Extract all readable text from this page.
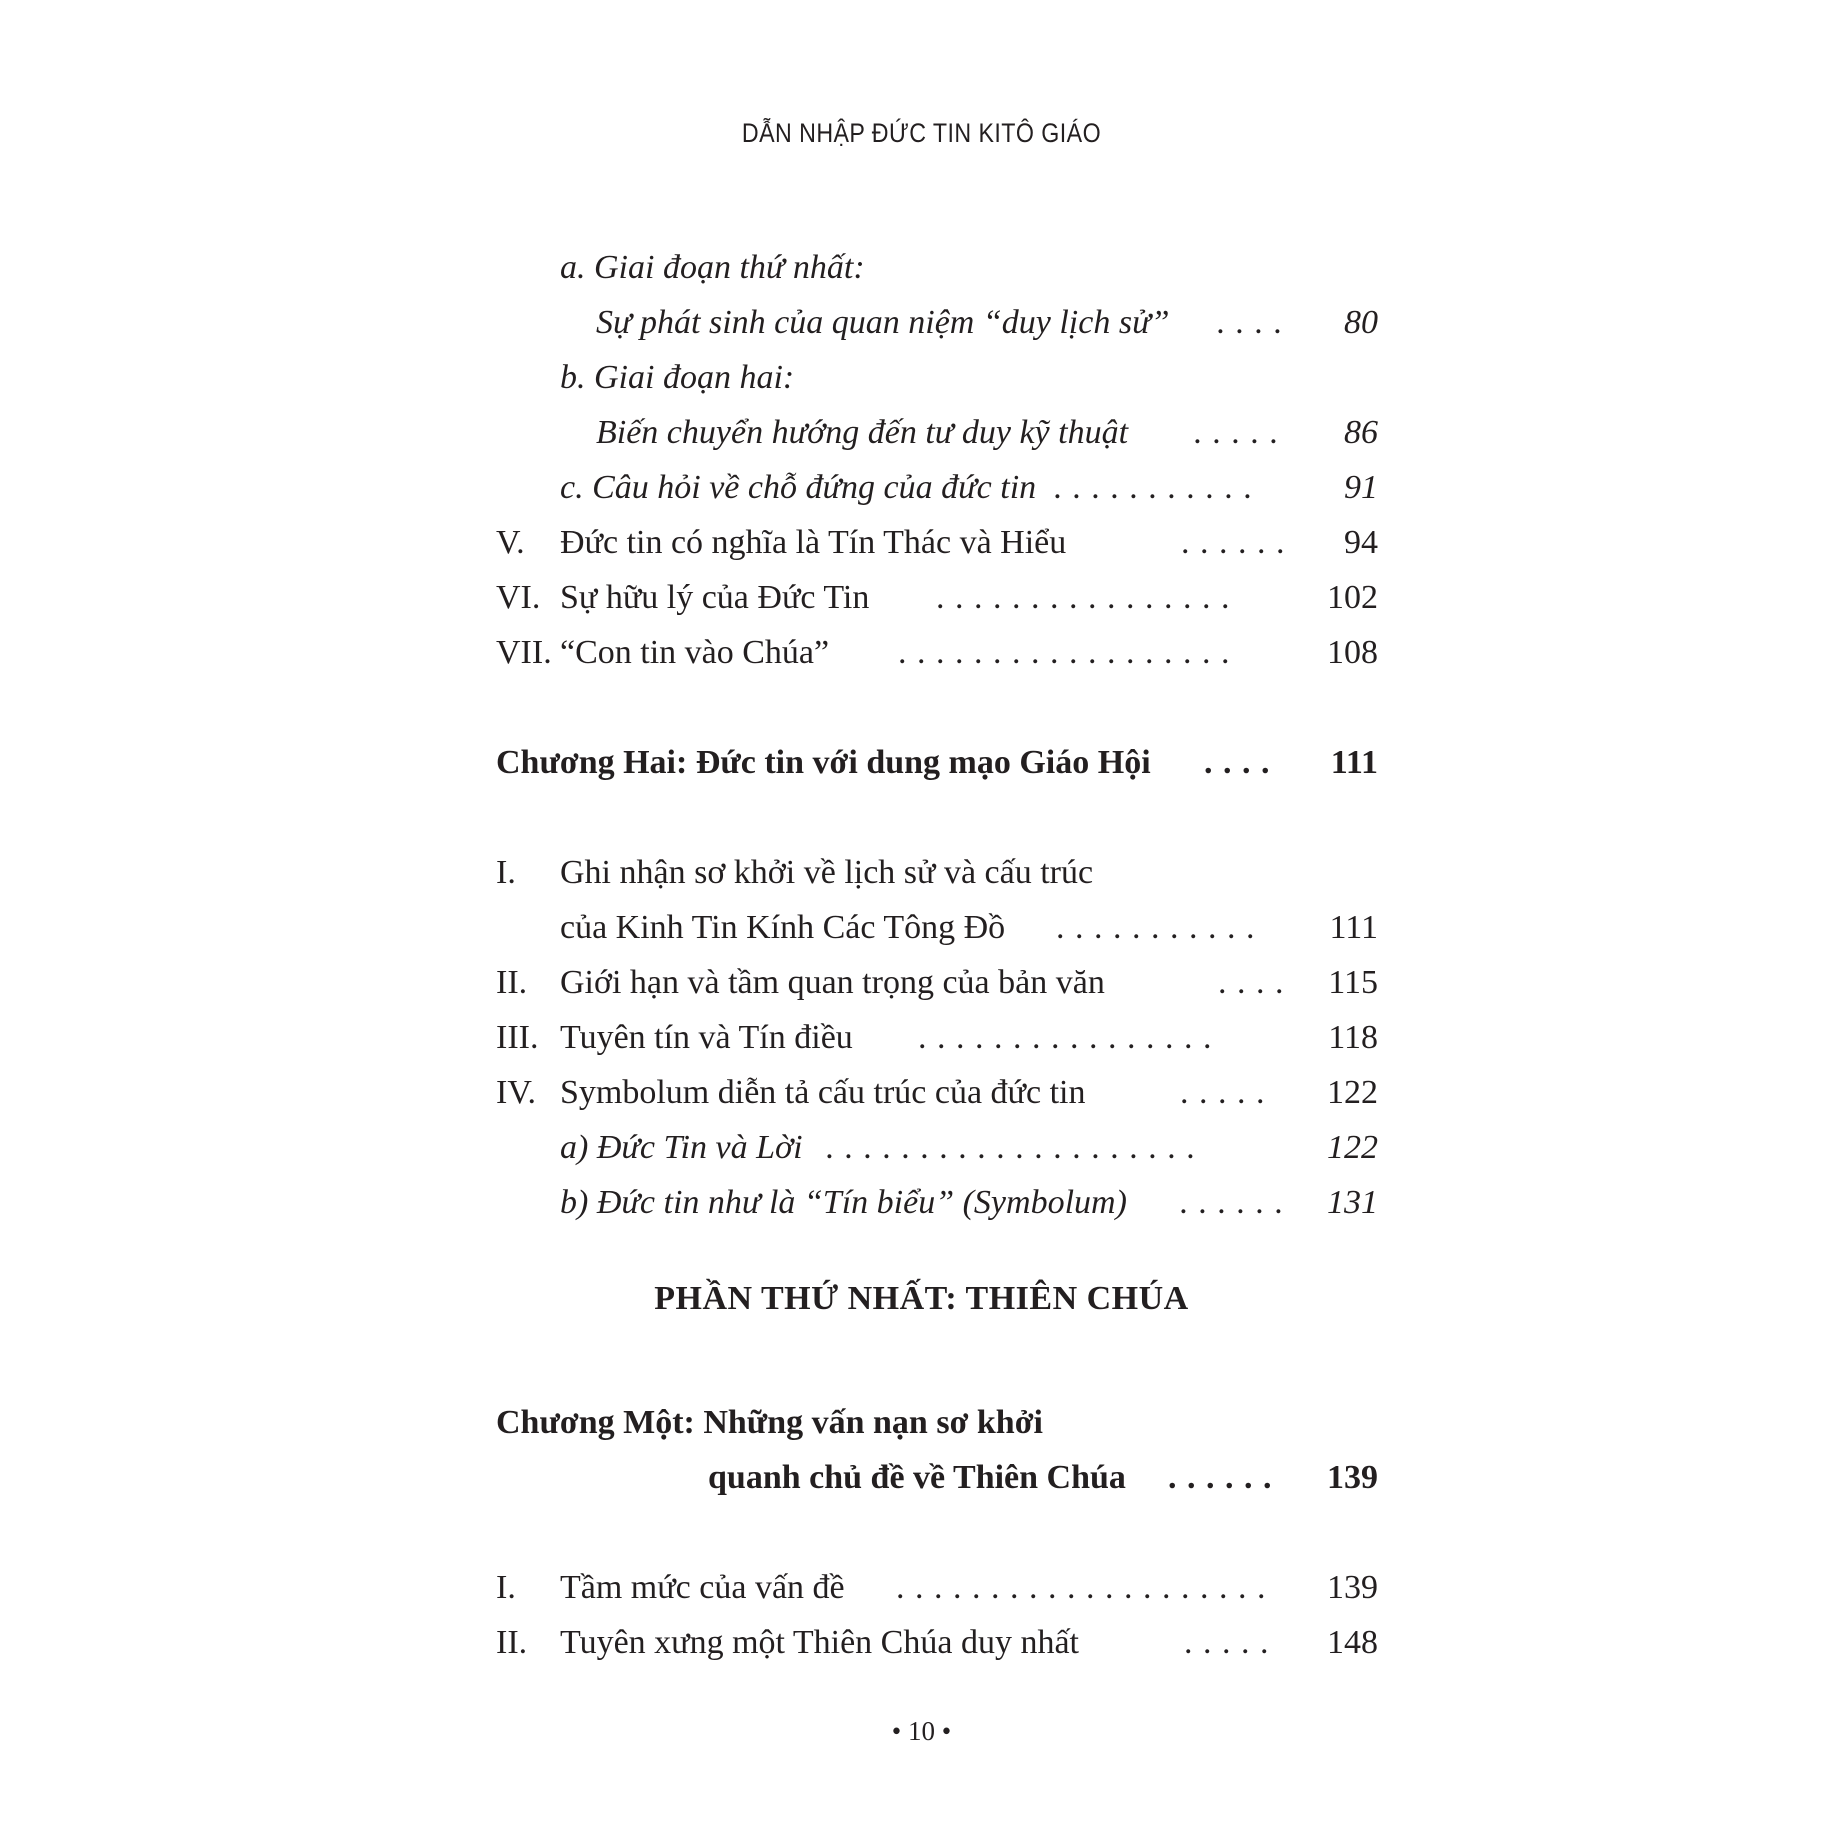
DẪN NHẬP ĐỨC TIN KITÔ GIÁO
a. Giai đoạn thứ nhất:
Sự phát sinh của quan niệm “duy lịch sử” . . . . 80
b. Giai đoạn hai:
Biến chuyển hướng đến tư duy kỹ thuật . . . . . 86
c. Câu hỏi về chỗ đứng của đức tin . . . . . . . . . . .	91
V. Đức tin có nghĩa là Tín Thác và Hiểu	. . . . . . 94
VI. Sự hữu lý của Đức Tin . . . . . . . . . . . . . . . .	102
VII. “Con tin vào Chúa” . . . . . . . . . . . . . . . . . .	108
Chương Hai: Đức tin với dung mạo Giáo Hội . . . . 111
I. Ghi nhận sơ khởi về lịch sử và cấu trúc
của Kinh Tin Kính Các Tông Đồ . . . . . . . . . . . 111
II. Giới hạn và tầm quan trọng của bản văn	. . . . 115
III. Tuyên tín và Tín điều . . . . . . . . . . . . . . . .	118
IV. Symbolum diễn tả cấu trúc của đức tin	. . . . . 122
a) Đức Tin và Lời . . . . . . . . . . . . . . . . . . . .	122
b) Đức tin như là “Tín biểu” (Symbolum) . . . . . . 131
PHẦN THỨ NHẤT: THIÊN CHÚA
Chương Một: Những vấn nạn sơ khởi
quanh chủ đề về Thiên Chúa . . . . . . 139
I. Tầm mức của vấn đề . . . . . . . . . . . . . . . . . . . . 139
II. Tuyên xưng một Thiên Chúa duy nhất	. . . . . 148
• 10 •
